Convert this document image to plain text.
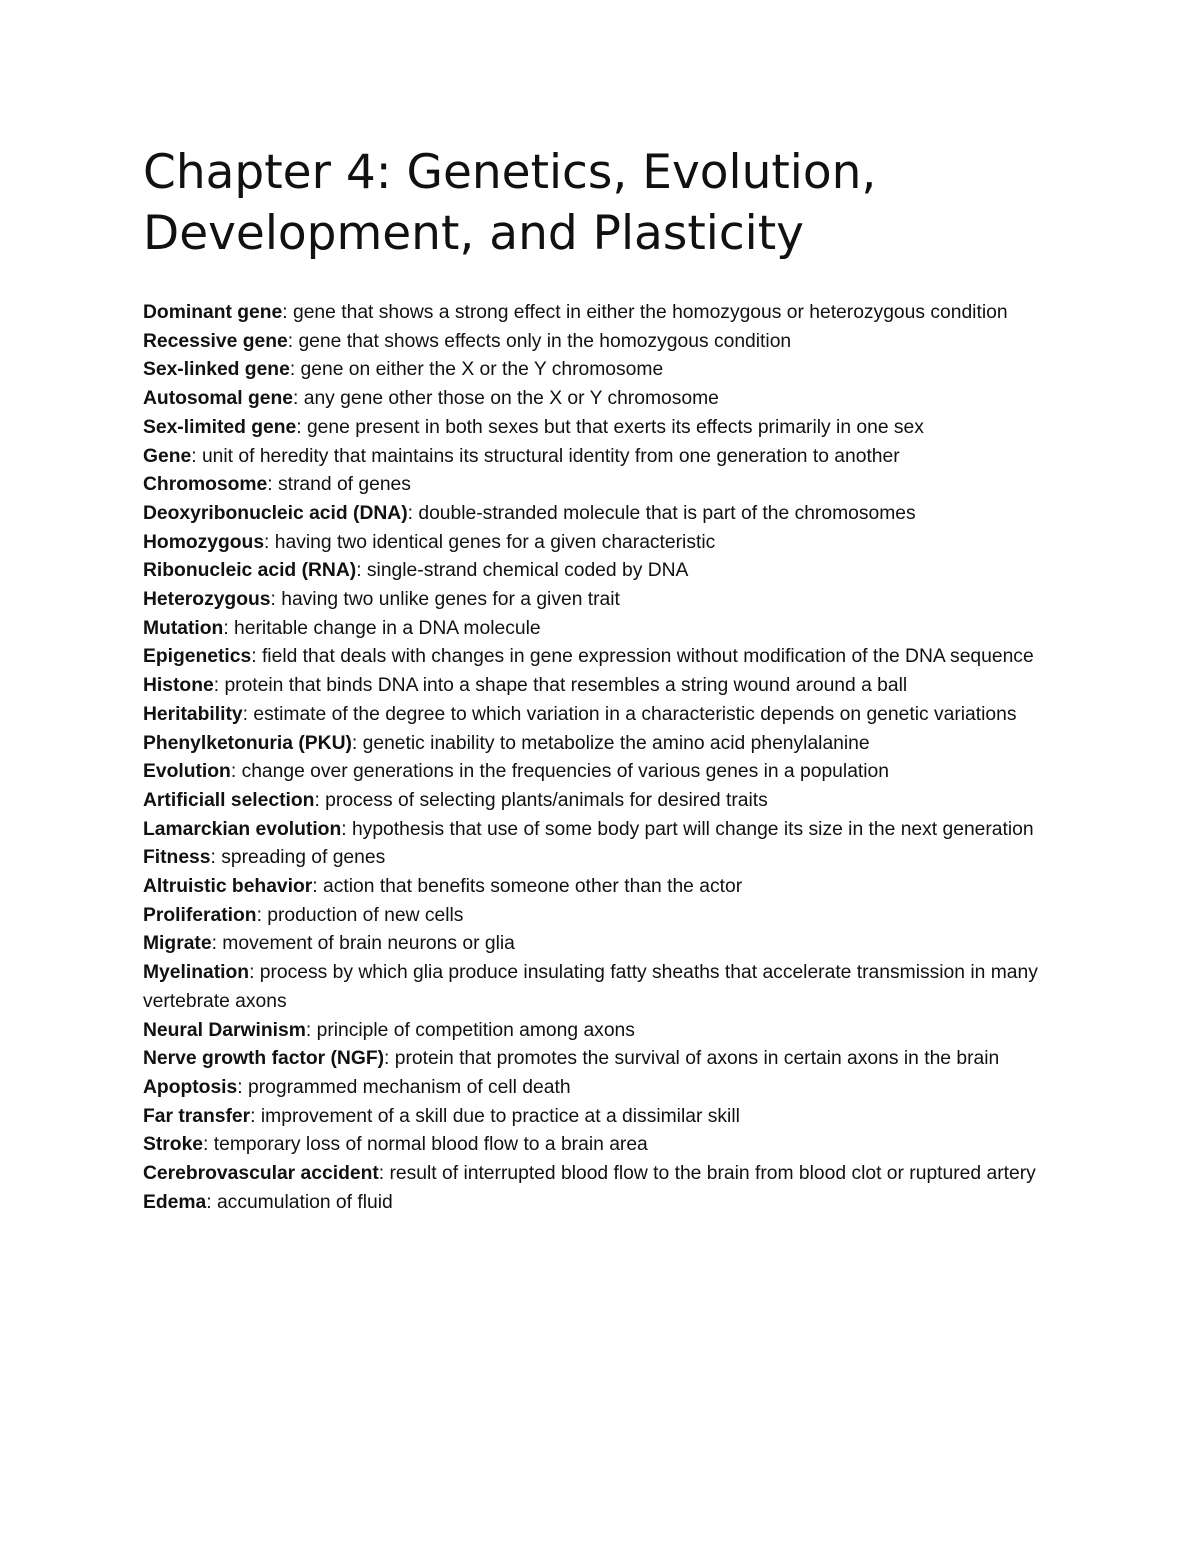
Chapter 4: Genetics, Evolution, Development, and Plasticity
Dominant gene: gene that shows a strong effect in either the homozygous or heterozygous condition
Recessive gene: gene that shows effects only in the homozygous condition
Sex-linked gene: gene on either the X or the Y chromosome
Autosomal gene: any gene other those on the X or Y chromosome
Sex-limited gene: gene present in both sexes but that exerts its effects primarily in one sex
Gene: unit of heredity that maintains its structural identity from one generation to another
Chromosome: strand of genes
Deoxyribonucleic acid (DNA): double-stranded molecule that is part of the chromosomes
Homozygous: having two identical genes for a given characteristic
Ribonucleic acid (RNA): single-strand chemical coded by DNA
Heterozygous: having two unlike genes for a given trait
Mutation: heritable change in a DNA molecule
Epigenetics: field that deals with changes in gene expression without modification of the DNA sequence
Histone: protein that binds DNA into a shape that resembles a string wound around a ball
Heritability: estimate of the degree to which variation in a characteristic depends on genetic variations
Phenylketonuria (PKU): genetic inability to metabolize the amino acid phenylalanine
Evolution: change over generations in the frequencies of various genes in a population
Artificiall selection: process of selecting plants/animals for desired traits
Lamarckian evolution: hypothesis that use of some body part will change its size in the next generation
Fitness: spreading of genes
Altruistic behavior: action that benefits someone other than the actor
Proliferation: production of new cells
Migrate: movement of brain neurons or glia
Myelination: process by which glia produce insulating fatty sheaths that accelerate transmission in many vertebrate axons
Neural Darwinism: principle of competition among axons
Nerve growth factor (NGF): protein that promotes the survival of axons in certain axons in the brain
Apoptosis: programmed mechanism of cell death
Far transfer: improvement of a skill due to practice at a dissimilar skill
Stroke: temporary loss of normal blood flow to a brain area
Cerebrovascular accident: result of interrupted blood flow to the brain from blood clot or ruptured artery
Edema: accumulation of fluid
